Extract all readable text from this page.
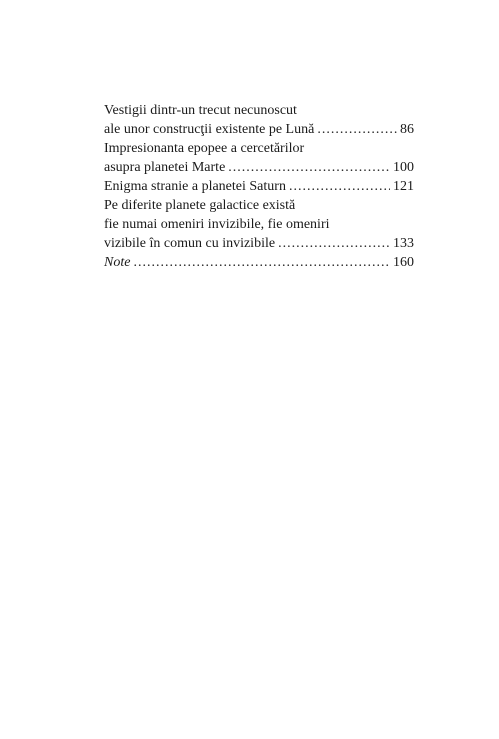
Vestigii dintr-un trecut necunoscut
ale unor construcţii existente pe Lună .....	86
Impresionanta epopee a cercetărilor
asupra planetei Marte .....	100
Enigma stranie a planetei Saturn .....	121
Pe diferite planete galactice există
fie numai omeniri invizibile, fie omeniri
vizibile în comun cu invizibile .....	133
Note .....	160
